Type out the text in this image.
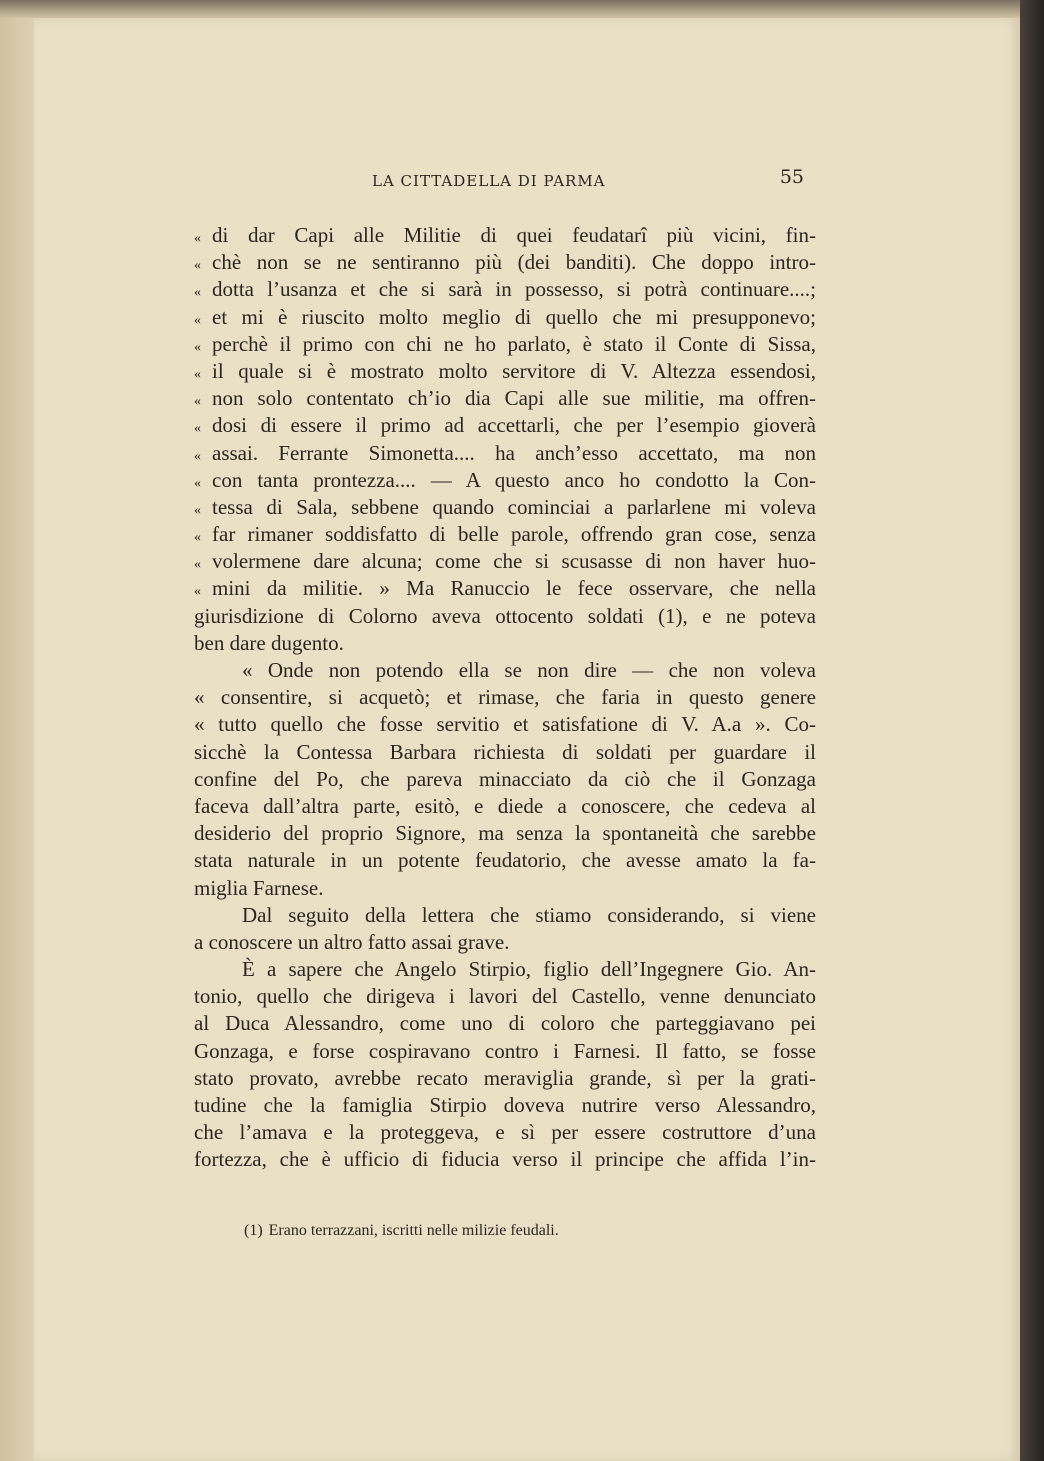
LA CITTADELLA DI PARMA	55
« di dar Capi alle Militie di quei feudatarî più vicini, fin-
« chè non se ne sentiranno più (dei banditi). Che doppo intro-
« dotta l’usanza et che si sarà in possesso, si potrà continuare....;
« et mi è riuscito molto meglio di quello che mi presupponevo;
« perchè il primo con chi ne ho parlato, è stato il Conte di Sissa,
« il quale si è mostrato molto servitore di V. Altezza essendosi,
« non solo contentato ch’io dia Capi alle sue militie, ma offren-
« dosi di essere il primo ad accettarli, che per l’esempio gioverà
« assai. Ferrante Simonetta.... ha anch’esso accettato, ma non
« con tanta prontezza.... — A questo anco ho condotto la Con-
« tessa di Sala, sebbene quando cominciai a parlarlene mi voleva
« far rimaner soddisfatto di belle parole, offrendo gran cose, senza
« volermene dare alcuna; come che si scusasse di non haver huo-
« mini da militie. » Ma Ranuccio le fece osservare, che nella
giurisdizione di Colorno aveva ottocento soldati (1), e ne poteva
ben dare dugento.
« Onde non potendo ella se non dire — che non voleva
« consentire, si acquetò; et rimase, che faria in questo genere
« tutto quello che fosse servitio et satisfatione di V. A.a ». Co-
sicchè la Contessa Barbara richiesta di soldati per guardare il
confine del Po, che pareva minacciato da ciò che il Gonzaga
faceva dall’altra parte, esitò, e diede a conoscere, che cedeva al
desiderio del proprio Signore, ma senza la spontaneità che sarebbe
stata naturale in un potente feudatorio, che avesse amato la fa-
miglia Farnese.
Dal seguito della lettera che stiamo considerando, si viene
a conoscere un altro fatto assai grave.
È a sapere che Angelo Stirpio, figlio dell’Ingegnere Gio. An-
tonio, quello che dirigeva i lavori del Castello, venne denunciato
al Duca Alessandro, come uno di coloro che parteggiavano pei
Gonzaga, e forse cospiravano contro i Farnesi. Il fatto, se fosse
stato provato, avrebbe recato meraviglia grande, sì per la grati-
tudine che la famiglia Stirpio doveva nutrire verso Alessandro,
che l’amava e la proteggeva, e sì per essere costruttore d’una
fortezza, che è ufficio di fiducia verso il principe che affida l’in-
(1) Erano terrazzani, iscritti nelle milizie feudali.
